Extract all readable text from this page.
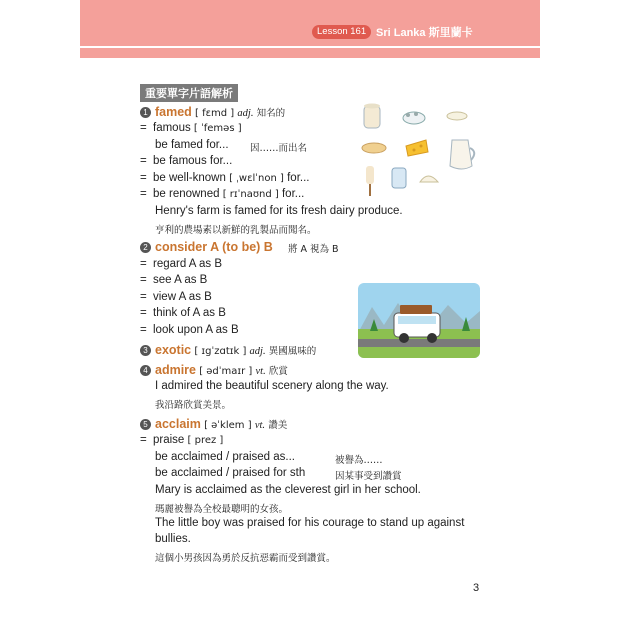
Lesson 161 Sri Lanka 斯里蘭卡
重要單字片語解析
1 famed [ fεmd ] adj. 知名的
= famous [ ˈfeməs ]
be famed for... 因……而出名
= be famous for...
= be well-known [ ˌwεlˈnon ] for...
= be renowned [ rɪˈnaʊnd ] for...
Henry's farm is famed for its fresh dairy produce.
亨利的農場素以新鮮的乳製品而聞名。
2 consider A (to be) B 將 A 視為 B
= regard A as B
= see A as B
= view A as B
= think of A as B
= look upon A as B
3 exotic [ ɪgˈzɑtɪk ] adj. 異國風味的
4 admire [ ədˈmaɪr ] vt. 欣賞
I admired the beautiful scenery along the way.
我沿路欣賞美景。
5 acclaim [ əˈklem ] vt. 讚美
= praise [ prez ]
be acclaimed / praised as...	被譽為……
be acclaimed / praised for sth	因某事受到讚賞
Mary is acclaimed as the cleverest girl in her school.
瑪麗被譽為全校最聰明的女孩。
The little boy was praised for his courage to stand up against
bullies.
這個小男孩因為勇於反抗惡霸而受到讚賞。
3
